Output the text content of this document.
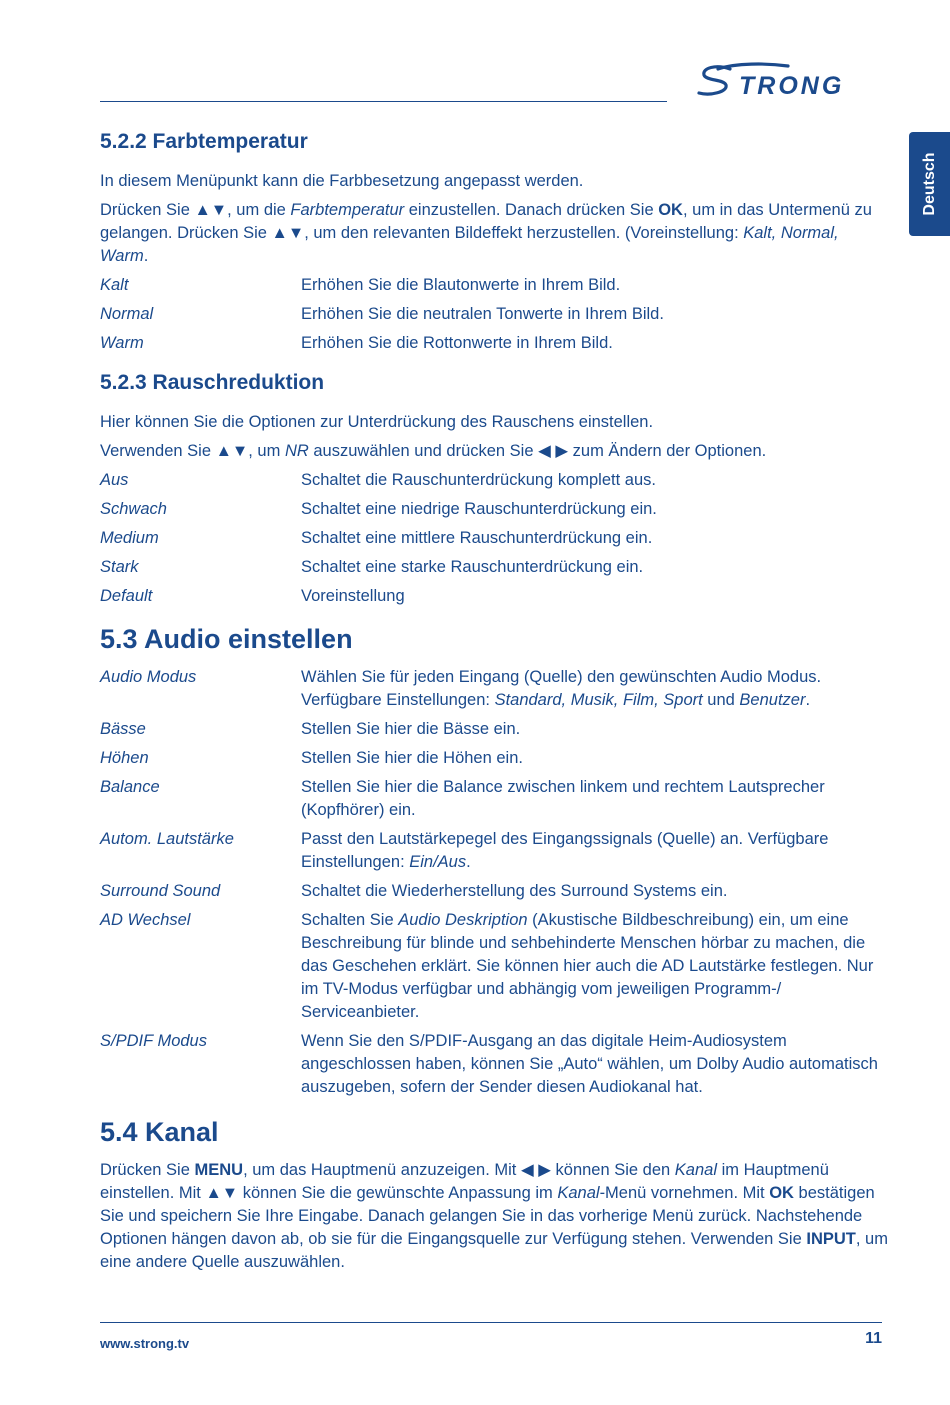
TRONG
Deutsch
5.2.2 Farbtemperatur

In diesem Menüpunkt kann die Farbbesetzung angepasst werden.

Drücken Sie ▲▼, um die Farbtemperatur einzustellen. Danach drücken Sie OK, um in das Untermenü zu gelangen. Drücken Sie ▲▼, um den relevanten Bildeffekt herzustellen. (Voreinstellung: Kalt, Normal, Warm.

Kalt	Erhöhen Sie die Blautonwerte in Ihrem Bild.
Normal	Erhöhen Sie die neutralen Tonwerte in Ihrem Bild.
Warm	Erhöhen Sie die Rottonwerte in Ihrem Bild.
5.2.3 Rauschreduktion

Hier können Sie die Optionen zur Unterdrückung des Rauschens einstellen.

Verwenden Sie ▲▼, um NR auszuwählen und drücken Sie ◀ ▶ zum Ändern der Optionen.

Aus	Schaltet die Rauschunterdrückung komplett aus.
Schwach	Schaltet eine niedrige Rauschunterdrückung ein.
Medium	Schaltet eine mittlere Rauschunterdrückung ein.
Stark	Schaltet eine starke Rauschunterdrückung ein.
Default	Voreinstellung
5.3 Audio einstellen
Audio Modus	Wählen Sie für jeden Eingang (Quelle) den gewünschten Audio Modus. Verfügbare Einstellungen: Standard, Musik, Film, Sport und Benutzer.
Bässe	Stellen Sie hier die Bässe ein.
Höhen	Stellen Sie hier die Höhen ein.
Balance	Stellen Sie hier die Balance zwischen linkem und rechtem Lautsprecher (Kopfhörer) ein.
Autom. Lautstärke	Passt den Lautstärkepegel des Eingangssignals (Quelle) an. Verfügbare Einstellungen: Ein/Aus.
Surround Sound	Schaltet die Wiederherstellung des Surround Systems ein.
AD Wechsel	Schalten Sie Audio Deskription (Akustische Bildbeschreibung) ein, um eine Beschreibung für blinde und sehbehinderte Menschen hörbar zu machen, die das Geschehen erklärt. Sie können hier auch die AD Lautstärke festlegen. Nur im TV-Modus verfügbar und abhängig vom jeweiligen Programm-/ Serviceanbieter.
S/PDIF Modus	Wenn Sie den S/PDIF-Ausgang an das digitale Heim-Audiosystem angeschlossen haben, können Sie „Auto“ wählen, um Dolby Audio automatisch auszugeben, sofern der Sender diesen Audiokanal hat.
5.4 Kanal

Drücken Sie MENU, um das Hauptmenü anzuzeigen. Mit ◀ ▶ können Sie den Kanal im Hauptmenü einstellen. Mit ▲▼ können Sie die gewünschte Anpassung im Kanal-Menü vornehmen. Mit OK bestätigen Sie und speichern Sie Ihre Eingabe. Danach gelangen Sie in das vorherige Menü zurück. Nachstehende Optionen hängen davon ab, ob sie für die Eingangsquelle zur Verfügung stehen. Verwenden Sie INPUT, um eine andere Quelle auszuwählen.

www.strong.tv	11
